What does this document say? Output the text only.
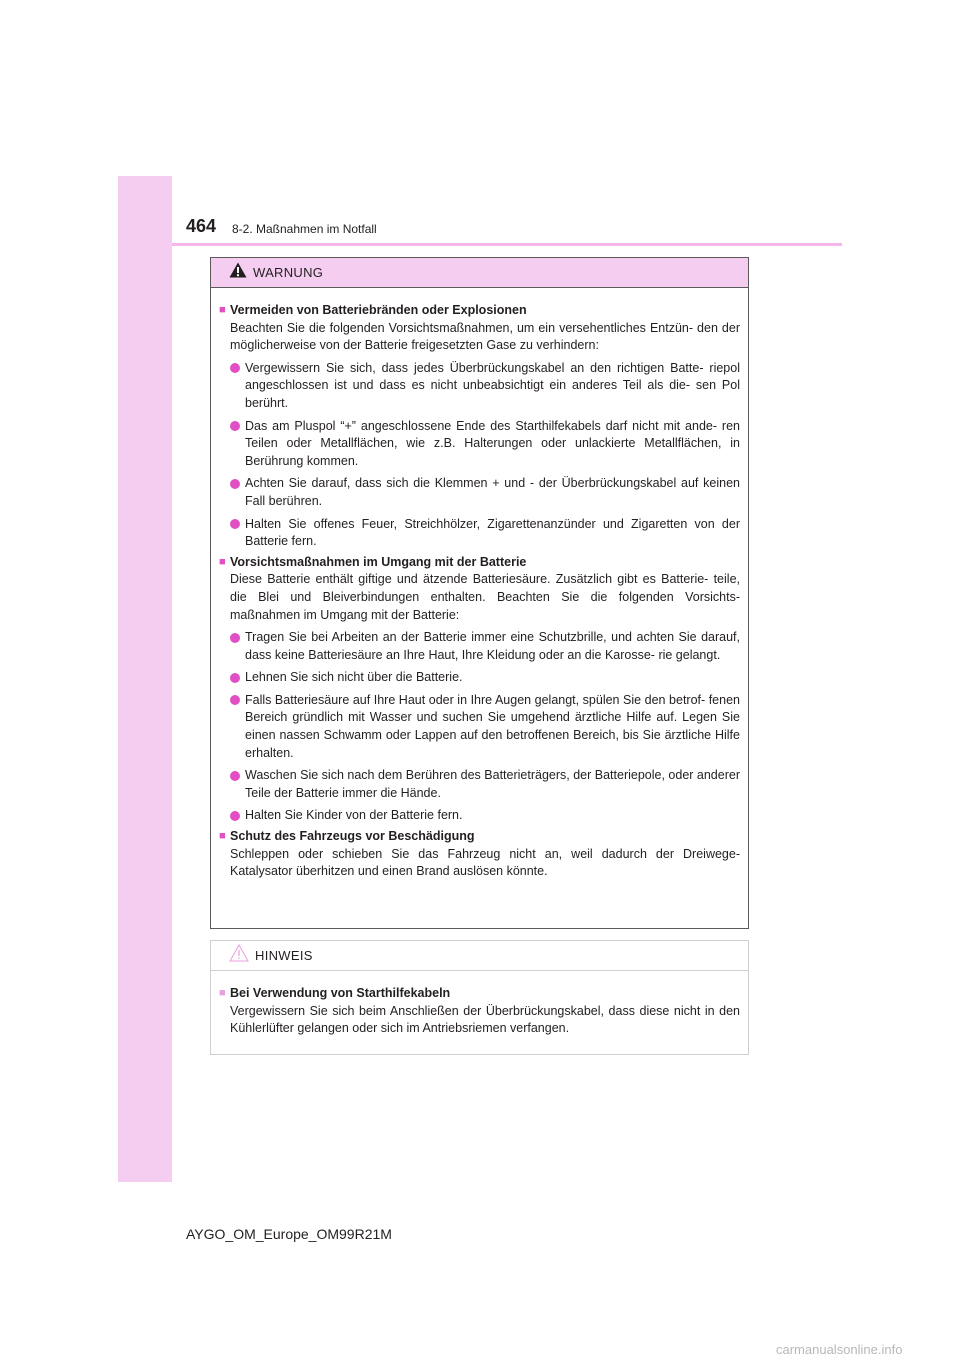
464 8-2. Maßnahmen im Notfall
WARNUNG
■ Vermeiden von Batteriebränden oder Explosionen
Beachten Sie die folgenden Vorsichtsmaßnahmen, um ein versehentliches Entzün- den der möglicherweise von der Batterie freigesetzten Gase zu verhindern:
Vergewissern Sie sich, dass jedes Überbrückungskabel an den richtigen Batte- riepol angeschlossen ist und dass es nicht unbeabsichtigt ein anderes Teil als die- sen Pol berührt.
Das am Pluspol “+” angeschlossene Ende des Starthilfekabels darf nicht mit ande- ren Teilen oder Metallflächen, wie z.B. Halterungen oder unlackierte Metallflächen, in Berührung kommen.
Achten Sie darauf, dass sich die Klemmen + und - der Überbrückungskabel auf keinen Fall berühren.
Halten Sie offenes Feuer, Streichhölzer, Zigarettenanzünder und Zigaretten von der Batterie fern.
■ Vorsichtsmaßnahmen im Umgang mit der Batterie
Diese Batterie enthält giftige und ätzende Batteriesäure. Zusätzlich gibt es Batterie- teile, die Blei und Bleiverbindungen enthalten. Beachten Sie die folgenden Vorsichts- maßnahmen im Umgang mit der Batterie:
Tragen Sie bei Arbeiten an der Batterie immer eine Schutzbrille, und achten Sie darauf, dass keine Batteriesäure an Ihre Haut, Ihre Kleidung oder an die Karosse- rie gelangt.
Lehnen Sie sich nicht über die Batterie.
Falls Batteriesäure auf Ihre Haut oder in Ihre Augen gelangt, spülen Sie den betrof- fenen Bereich gründlich mit Wasser und suchen Sie umgehend ärztliche Hilfe auf. Legen Sie einen nassen Schwamm oder Lappen auf den betroffenen Bereich, bis Sie ärztliche Hilfe erhalten.
Waschen Sie sich nach dem Berühren des Batterieträgers, der Batteriepole, oder anderer Teile der Batterie immer die Hände.
Halten Sie Kinder von der Batterie fern.
■ Schutz des Fahrzeugs vor Beschädigung
Schleppen oder schieben Sie das Fahrzeug nicht an, weil dadurch der Dreiwege- Katalysator überhitzen und einen Brand auslösen könnte.
HINWEIS
■ Bei Verwendung von Starthilfekabeln
Vergewissern Sie sich beim Anschließen der Überbrückungskabel, dass diese nicht in den Kühlerlüfter gelangen oder sich im Antriebsriemen verfangen.
AYGO_OM_Europe_OM99R21M
carmanualsonline.info
